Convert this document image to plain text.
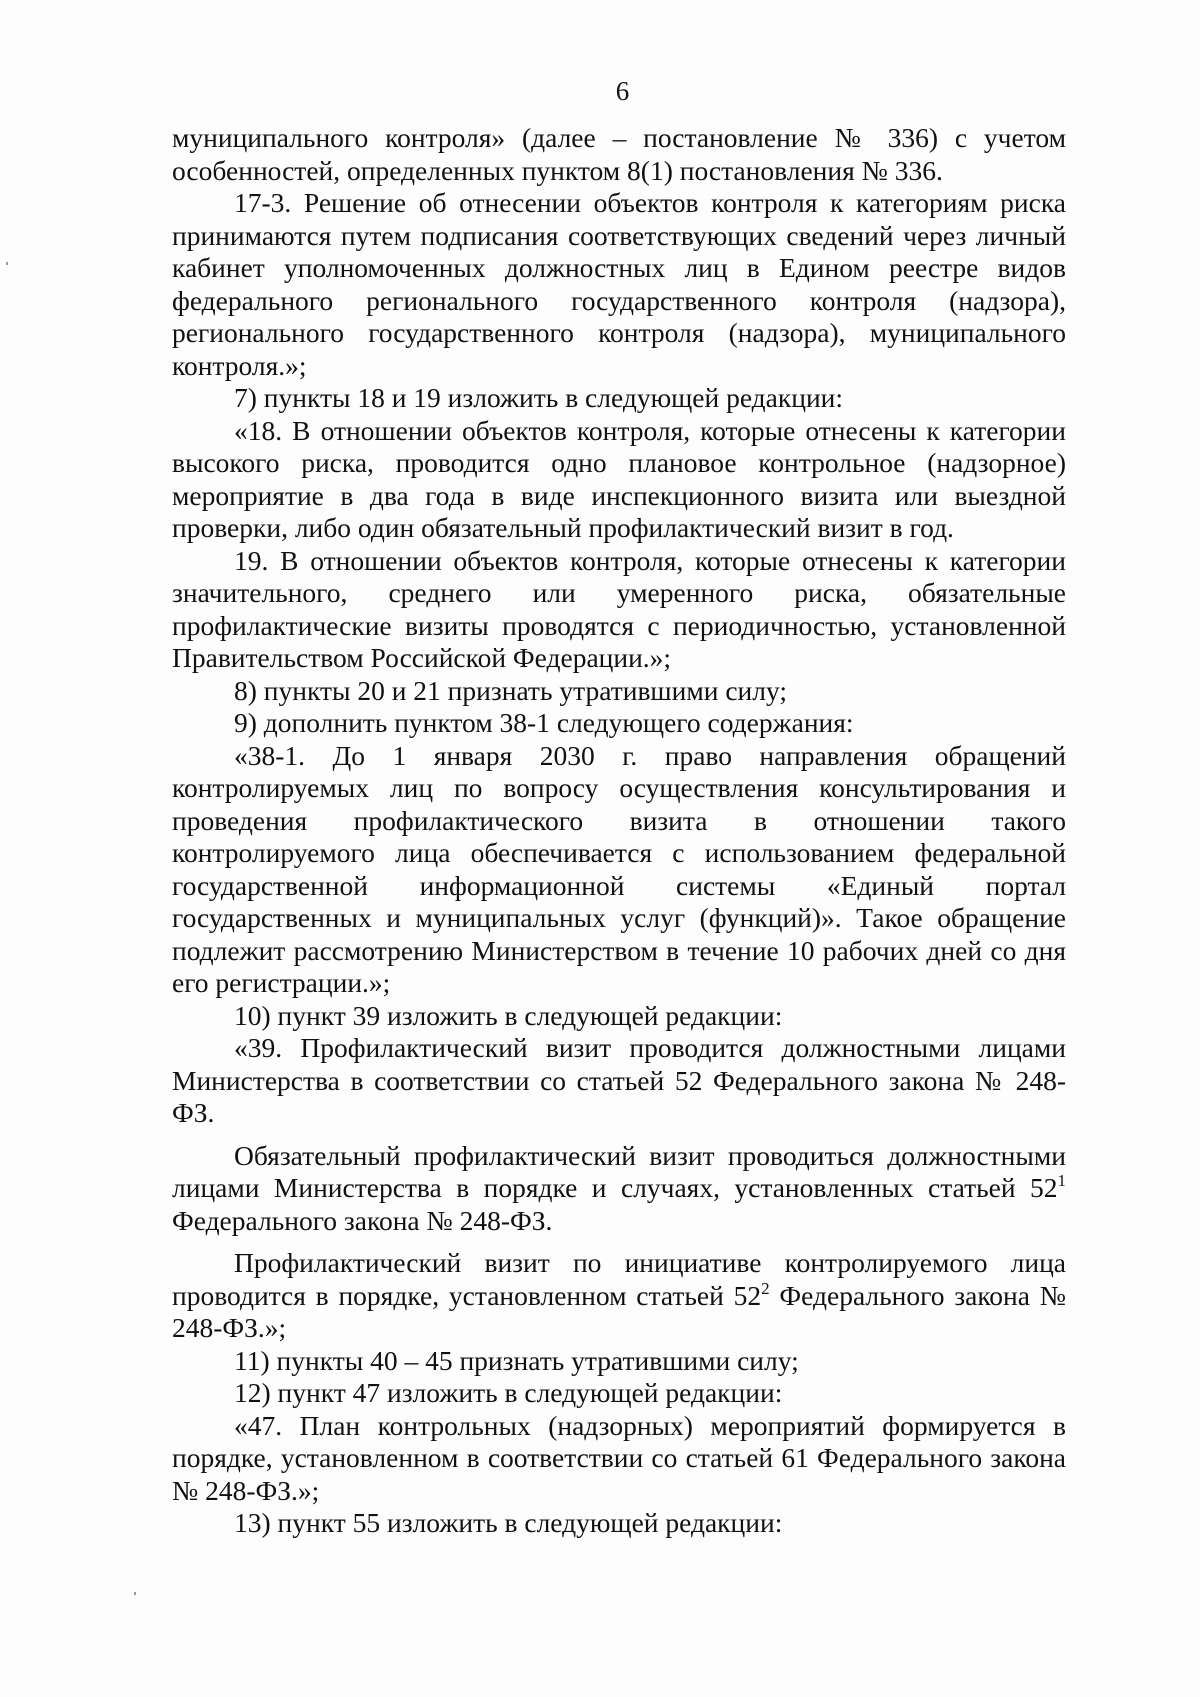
6

муниципального контроля» (далее – постановление № 336) с учетом особенностей, определенных пунктом 8(1) постановления № 336.

17-3. Решение об отнесении объектов контроля к категориям риска принимаются путем подписания соответствующих сведений через личный кабинет уполномоченных должностных лиц в Едином реестре видов федерального регионального государственного контроля (надзора), регионального государственного контроля (надзора), муниципального контроля.»;

7) пункты 18 и 19 изложить в следующей редакции:

«18. В отношении объектов контроля, которые отнесены к категории высокого риска, проводится одно плановое контрольное (надзорное) мероприятие в два года в виде инспекционного визита или выездной проверки, либо один обязательный профилактический визит в год.

19. В отношении объектов контроля, которые отнесены к категории значительного, среднего или умеренного риска, обязательные профилактические визиты проводятся с периодичностью, установленной Правительством Российской Федерации.»;

8) пункты 20 и 21 признать утратившими силу;

9) дополнить пунктом 38-1 следующего содержания:

«38-1. До 1 января 2030 г. право направления обращений контролируемых лиц по вопросу осуществления консультирования и проведения профилактического визита в отношении такого контролируемого лица обеспечивается с использованием федеральной государственной информационной системы «Единый портал государственных и муниципальных услуг (функций)». Такое обращение подлежит рассмотрению Министерством в течение 10 рабочих дней со дня его регистрации.»;

10) пункт 39 изложить в следующей редакции:

«39. Профилактический визит проводится должностными лицами Министерства в соответствии со статьей 52 Федерального закона № 248-ФЗ.

Обязательный профилактический визит проводиться должностными лицами Министерства в порядке и случаях, установленных статьей $52^1$ Федерального закона № 248-ФЗ.

Профилактический визит по инициативе контролируемого лица проводится в порядке, установленном статьей $52^2$ Федерального закона № 248-ФЗ.»;

11) пункты 40 – 45 признать утратившими силу;

12) пункт 47 изложить в следующей редакции:

«47. План контрольных (надзорных) мероприятий формируется в порядке, установленном в соответствии со статьей 61 Федерального закона № 248-ФЗ.»;

13) пункт 55 изложить в следующей редакции:
